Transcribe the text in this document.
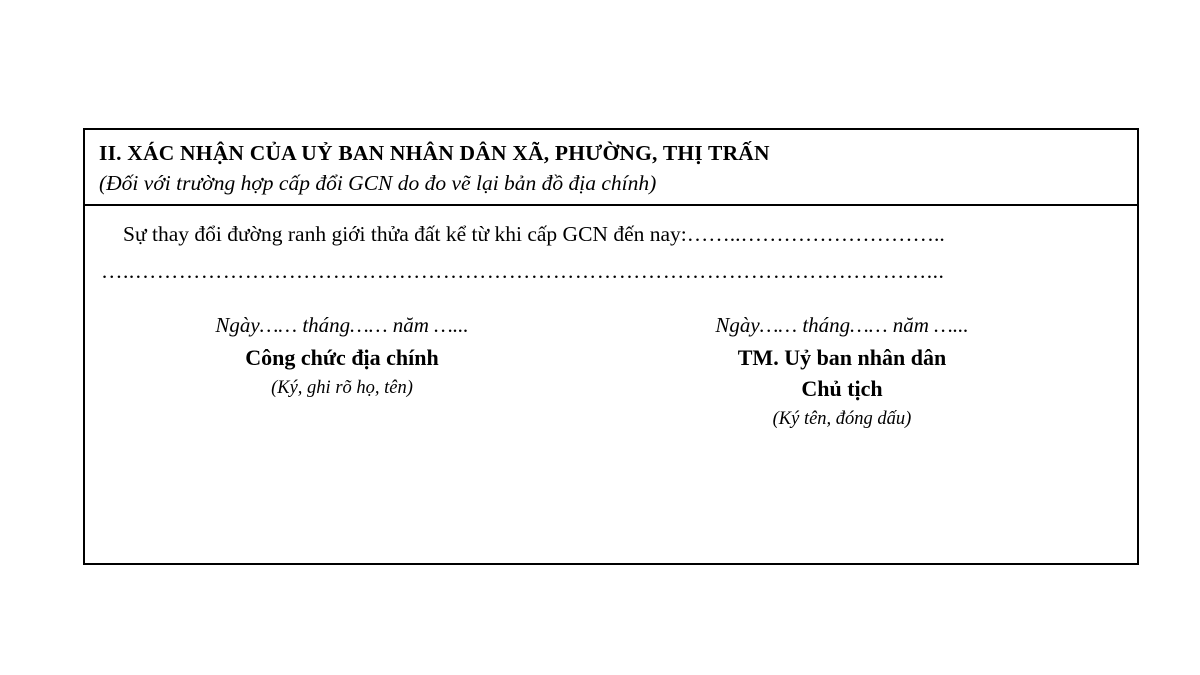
II. XÁC NHẬN CỦA UỶ BAN NHÂN DÂN XÃ, PHƯỜNG, THỊ TRẤN
(Đối với trường hợp cấp đổi GCN do đo vẽ lại bản đồ địa chính)
Sự thay đổi đường ranh giới thửa đất kể từ khi cấp GCN đến nay:……..………………………..
…..………………………………………………………………………………………………...
Ngày…… tháng…… năm …...
Công chức địa chính
(Ký, ghi rõ họ, tên)
Ngày…… tháng…… năm …...
TM. Uỷ ban nhân dân
Chủ tịch
(Ký tên, đóng dấu)
